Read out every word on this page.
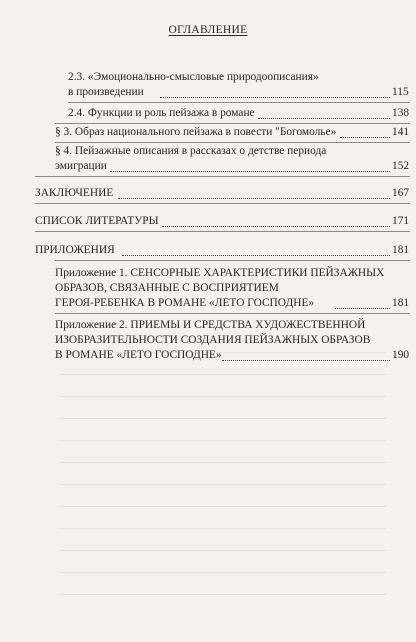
ОГЛАВЛЕНИЕ
2.3. «Эмоционально-смысловые природоописания»
в произведении	115
2.4. Функции и роль пейзажа в романе	138
§ 3. Образ национального пейзажа в повести "Богомолье»	141
§ 4. Пейзажные описания в рассказах о детстве периода
эмиграции	152
ЗАКЛЮЧЕНИЕ	167
СПИСОК ЛИТЕРАТУРЫ	171
ПРИЛОЖЕНИЯ	181
Приложение 1. СЕНСОРНЫЕ ХАРАКТЕРИСТИКИ ПЕЙЗАЖНЫХ
ОБРАЗОВ, СВЯЗАННЫЕ С ВОСПРИЯТИЕМ
ГЕРОЯ-РЕБЕНКА В РОМАНЕ «ЛЕТО ГОСПОДНЕ»	181
Приложение 2. ПРИЕМЫ И СРЕДСТВА ХУДОЖЕСТВЕННОЙ
ИЗОБРАЗИТЕЛЬНОСТИ СОЗДАНИЯ ПЕЙЗАЖНЫХ ОБРАЗОВ
В РОМАНЕ «ЛЕТО ГОСПОДНЕ»	190
